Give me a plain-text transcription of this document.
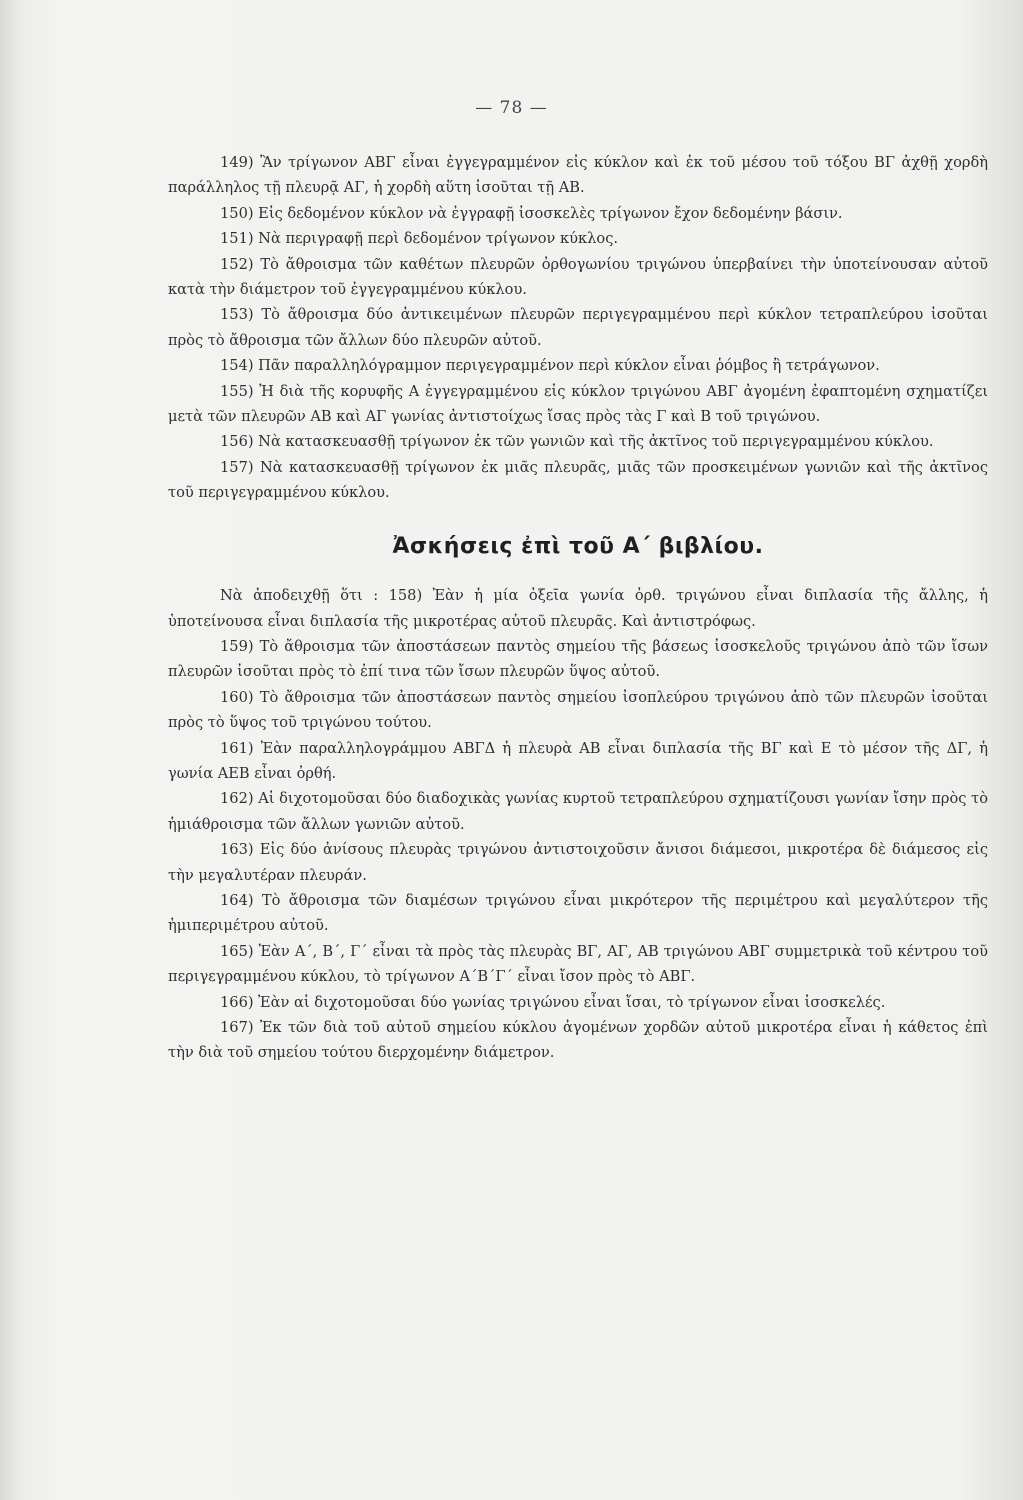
— 78 —

149) Ἂν τρίγωνον ΑΒΓ εἶναι ἐγγεγραμμένον εἰς κύκλον καὶ ἐκ τοῦ μέσου τοῦ τόξου ΒΓ ἀχθῇ χορδὴ παράλληλος τῇ πλευρᾷ ΑΓ, ἡ χορδὴ αὕτη ἰσοῦται τῇ ΑΒ.

150) Εἰς δεδομένον κύκλον νὰ ἐγγραφῇ ἰσοσκελὲς τρίγωνον ἔχον δεδομένην βάσιν.

151) Νὰ περιγραφῇ περὶ δεδομένον τρίγωνον κύκλος.

152) Τὸ ἄθροισμα τῶν καθέτων πλευρῶν ὀρθογωνίου τριγώνου ὑπερβαίνει τὴν ὑποτείνουσαν αὐτοῦ κατὰ τὴν διάμετρον τοῦ ἐγγεγραμμένου κύκλου.

153) Τὸ ἄθροισμα δύο ἀντικειμένων πλευρῶν περιγεγραμμένου περὶ κύκλον τετραπλεύρου ἰσοῦται πρὸς τὸ ἄθροισμα τῶν ἄλλων δύο πλευρῶν αὐτοῦ.

154) Πᾶν παραλληλόγραμμον περιγεγραμμένον περὶ κύκλον εἶναι ῥόμβος ἢ τετράγωνον.

155) Ἡ διὰ τῆς κορυφῆς Α ἐγγεγραμμένου εἰς κύκλον τριγώνου ΑΒΓ ἀγομένη ἐφαπτομένη σχηματίζει μετὰ τῶν πλευρῶν ΑΒ καὶ ΑΓ γωνίας ἀντιστοίχως ἴσας πρὸς τὰς Γ καὶ Β τοῦ τριγώνου.

156) Νὰ κατασκευασθῇ τρίγωνον ἐκ τῶν γωνιῶν καὶ τῆς ἀκτῖνος τοῦ περιγεγραμμένου κύκλου.

157) Νὰ κατασκευασθῇ τρίγωνον ἐκ μιᾶς πλευρᾶς, μιᾶς τῶν προσκειμένων γωνιῶν καὶ τῆς ἀκτῖνος τοῦ περιγεγραμμένου κύκλου.

Ἀσκήσεις ἐπὶ τοῦ Α΄ βιβλίου.

Νὰ ἀποδειχθῇ ὅτι : 158) Ἐὰν ἡ μία ὀξεῖα γωνία ὀρθ. τριγώνου εἶναι διπλασία τῆς ἄλλης, ἡ ὑποτείνουσα εἶναι διπλασία τῆς μικροτέρας αὐτοῦ πλευρᾶς. Καὶ ἀντιστρόφως.

159) Τὸ ἄθροισμα τῶν ἀποστάσεων παντὸς σημείου τῆς βάσεως ἰσοσκελοῦς τριγώνου ἀπὸ τῶν ἴσων πλευρῶν ἰσοῦται πρὸς τὸ ἐπί τινα τῶν ἴσων πλευρῶν ὕψος αὐτοῦ.

160) Τὸ ἄθροισμα τῶν ἀποστάσεων παντὸς σημείου ἰσοπλεύρου τριγώνου ἀπὸ τῶν πλευρῶν ἰσοῦται πρὸς τὸ ὕψος τοῦ τριγώνου τούτου.

161) Ἐὰν παραλληλογράμμου ΑΒΓΔ ἡ πλευρὰ ΑΒ εἶναι διπλασία τῆς ΒΓ καὶ Ε τὸ μέσον τῆς ΔΓ, ἡ γωνία ΑΕΒ εἶναι ὀρθή.

162) Αἱ διχοτομοῦσαι δύο διαδοχικὰς γωνίας κυρτοῦ τετραπλεύρου σχηματίζουσι γωνίαν ἴσην πρὸς τὸ ἡμιάθροισμα τῶν ἄλλων γωνιῶν αὐτοῦ.

163) Εἰς δύο ἀνίσους πλευρὰς τριγώνου ἀντιστοιχοῦσιν ἄνισοι διάμεσοι, μικροτέρα δὲ διάμεσος εἰς τὴν μεγαλυτέραν πλευράν.

164) Τὸ ἄθροισμα τῶν διαμέσων τριγώνου εἶναι μικρότερον τῆς περιμέτρου καὶ μεγαλύτερον τῆς ἡμιπεριμέτρου αὐτοῦ.

165) Ἐὰν Α΄, Β΄, Γ΄ εἶναι τὰ πρὸς τὰς πλευρὰς ΒΓ, ΑΓ, ΑΒ τριγώνου ΑΒΓ συμμετρικὰ τοῦ κέντρου τοῦ περιγεγραμμένου κύκλου, τὸ τρίγωνον Α΄Β΄Γ΄ εἶναι ἴσον πρὸς τὸ ΑΒΓ.

166) Ἐὰν αἱ διχοτομοῦσαι δύο γωνίας τριγώνου εἶναι ἴσαι, τὸ τρίγωνον εἶναι ἰσοσκελές.

167) Ἐκ τῶν διὰ τοῦ αὐτοῦ σημείου κύκλου ἀγομένων χορδῶν αὐτοῦ μικροτέρα εἶναι ἡ κάθετος ἐπὶ τὴν διὰ τοῦ σημείου τούτου διερχομένην διάμετρον.
